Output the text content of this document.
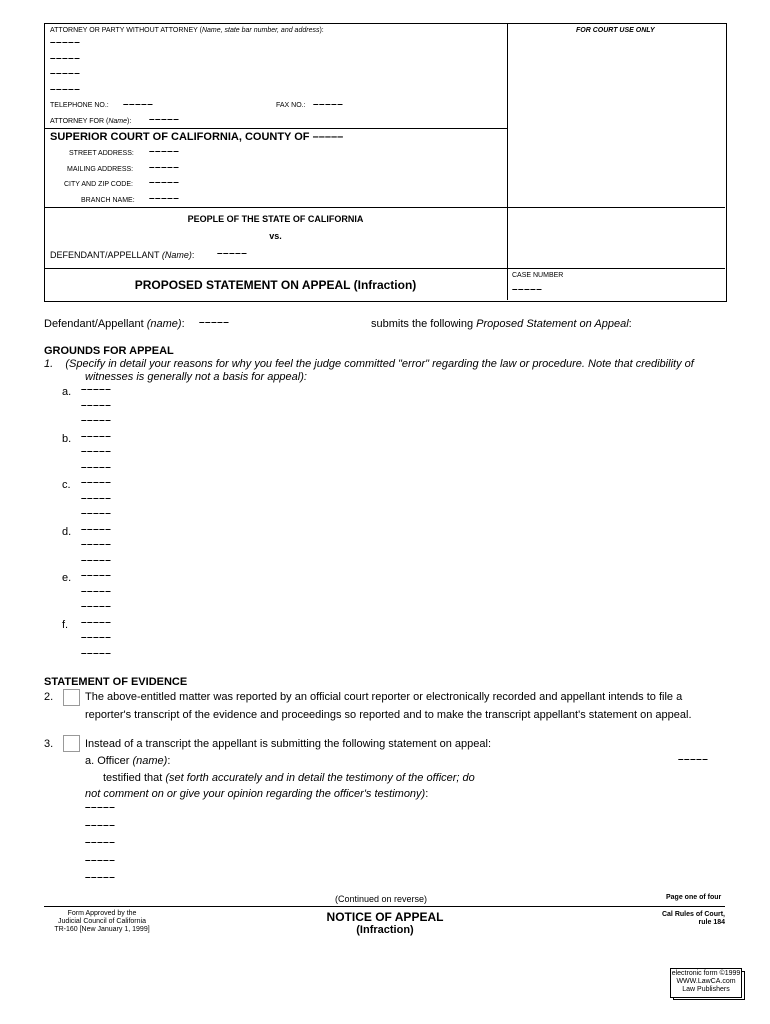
ATTORNEY OR PARTY WITHOUT ATTORNEY (Name, state bar number, and address):	FOR COURT USE ONLY
–––––
–––––
–––––
–––––
TELEPHONE NO.: –––––	FAX NO.: –––––
ATTORNEY FOR (Name): –––––
SUPERIOR COURT OF CALIFORNIA, COUNTY OF –––––
STREET ADDRESS: –––––
MAILING ADDRESS: –––––
CITY AND ZIP CODE: –––––
BRANCH NAME: –––––
PEOPLE OF THE STATE OF CALIFORNIA
vs.
DEFENDANT/APPELLANT (Name): –––––
PROPOSED STATEMENT ON APPEAL (Infraction)
CASE NUMBER
–––––
Defendant/Appellant (name): –––––	submits the following Proposed Statement on Appeal:
GROUNDS FOR APPEAL
1.    (Specify in detail your reasons for why you feel the judge committed "error" regarding the law or procedure. Note that credibility of
witnesses is generally not a basis for appeal):
a. –––––
–––––
–––––
b. –––––
–––––
–––––
c. –––––
–––––
–––––
d. –––––
–––––
–––––
e. –––––
–––––
–––––
f. –––––
–––––
–––––
STATEMENT OF EVIDENCE
2.	The above-entitled matter was reported by an official court reporter or electronically recorded and appellant intends to file a
reporter's transcript of the evidence and proceedings so reported and to make the transcript appellant's statement on appeal.
3.	Instead of a transcript the appellant is submitting the following statement on appeal:
a. Officer (name):	–––––
testified that (set forth accurately and in detail the testimony of the officer; do
not comment on or give your opinion regarding the officer's testimony):
–––––
–––––
–––––
–––––
–––––
(Continued on reverse)	Page one of four
Form Approved by the
Judicial Council of California
TR-160 [New January 1, 1999]
NOTICE OF APPEAL
(Infraction)
Cal Rules of Court,
rule 184
electronic form ©1999
WWW.LawCA.com
Law Publishers
